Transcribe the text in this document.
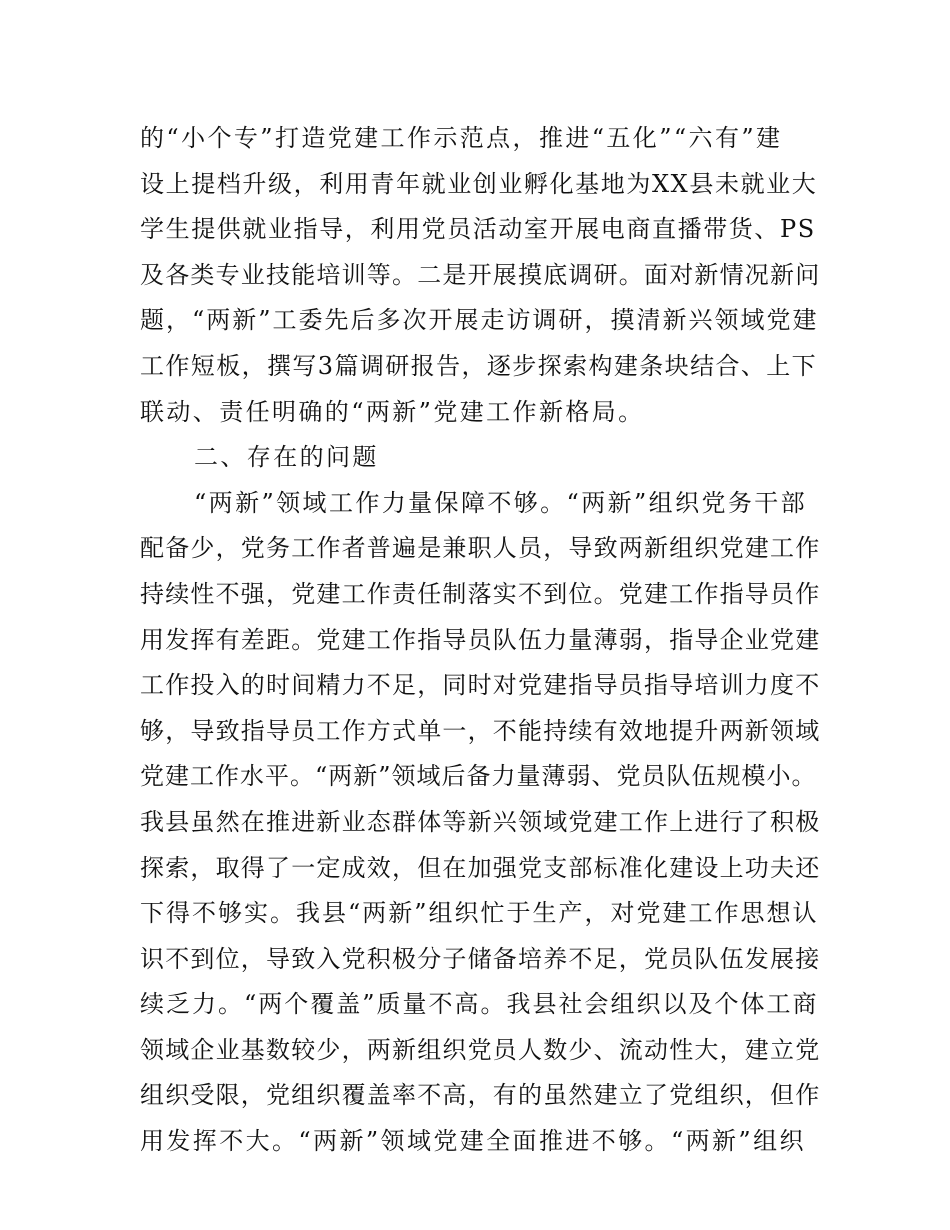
的“小个专”打造党建工作示范点，推进“五化”“六有”建
设上提档升级，利用青年就业创业孵化基地为XX县未就业大
学生提供就业指导，利用党员活动室开展电商直播带货、PS
及各类专业技能培训等。二是开展摸底调研。面对新情况新问
题，“两新”工委先后多次开展走访调研，摸清新兴领域党建
工作短板，撰写3篇调研报告，逐步探索构建条块结合、上下
联动、责任明确的“两新”党建工作新格局。
二、存在的问题
“两新”领域工作力量保障不够。“两新”组织党务干部
配备少，党务工作者普遍是兼职人员，导致两新组织党建工作
持续性不强，党建工作责任制落实不到位。党建工作指导员作
用发挥有差距。党建工作指导员队伍力量薄弱，指导企业党建
工作投入的时间精力不足，同时对党建指导员指导培训力度不
够，导致指导员工作方式单一，不能持续有效地提升两新领域
党建工作水平。“两新”领域后备力量薄弱、党员队伍规模小。
我县虽然在推进新业态群体等新兴领域党建工作上进行了积极
探索，取得了一定成效，但在加强党支部标准化建设上功夫还
下得不够实。我县“两新”组织忙于生产，对党建工作思想认
识不到位，导致入党积极分子储备培养不足，党员队伍发展接
续乏力。“两个覆盖”质量不高。我县社会组织以及个体工商
领域企业基数较少，两新组织党员人数少、流动性大，建立党
组织受限，党组织覆盖率不高，有的虽然建立了党组织，但作
用发挥不大。“两新”领域党建全面推进不够。“两新”组织
